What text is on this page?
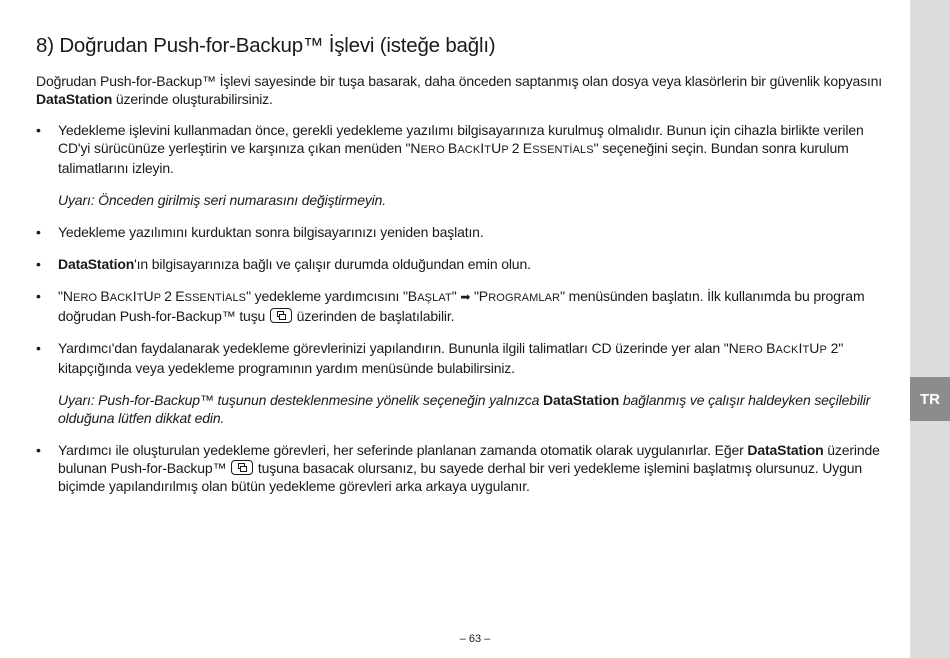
8) Doğrudan Push-for-Backup™ İşlevi (isteğe bağlı)

Doğrudan Push-for-Backup™ İşlevi sayesinde bir tuşa basarak, daha önceden saptanmış olan dosya veya klasörlerin bir güvenlik kopyasını DataStation üzerinde oluşturabilirsiniz.

• Yedekleme işlevini kullanmadan önce, gerekli yedekleme yazılımı bilgisayarınıza kurulmuş olmalıdır. Bunun için cihazla birlikte verilen CD'yi sürücünüze yerleştirin ve karşınıza çıkan menüden "NERO BACKITUP 2 ESSENTİALS" seçeneğini seçin. Bundan sonra kurulum talimatlarını izleyin.

Uyarı: Önceden girilmiş seri numarasını değiştirmeyin.

• Yedekleme yazılımını kurduktan sonra bilgisayarınızı yeniden başlatın.

• DataStation'ın bilgisayarınıza bağlı ve çalışır durumda olduğundan emin olun.

• "NERO BACKITUP 2 ESSENTİALS" yedekleme yardımcısını "BAŞLAT" ➡ "PROGRAMLAR" menüsünden başlatın. İlk kullanımda bu program doğrudan Push-for-Backup™ tuşu  üzerinden de başlatılabilir.

• Yardımcı'dan faydalanarak yedekleme görevlerinizi yapılandırın. Bununla ilgili talimatları CD üzerinde yer alan "NERO BACKITUP 2" kitapçığında veya yedekleme programının yardım menüsünde bulabilirsiniz.

Uyarı: Push-for-Backup™ tuşunun desteklenmesine yönelik seçeneğin yalnızca DataStation bağlanmış ve çalışır haldeyken seçilebilir olduğuna lütfen dikkat edin.

• Yardımcı ile oluşturulan yedekleme görevleri, her seferinde planlanan zamanda otomatik olarak uygulanırlar. Eğer DataStation üzerinde bulunan Push-for-Backup™  tuşuna basacak olursanız, bu sayede derhal bir veri yedekleme işlemini başlatmış olursunuz. Uygun biçimde yapılandırılmış olan bütün yedekleme görevleri arka arkaya uygulanır.

TR
– 63 –
